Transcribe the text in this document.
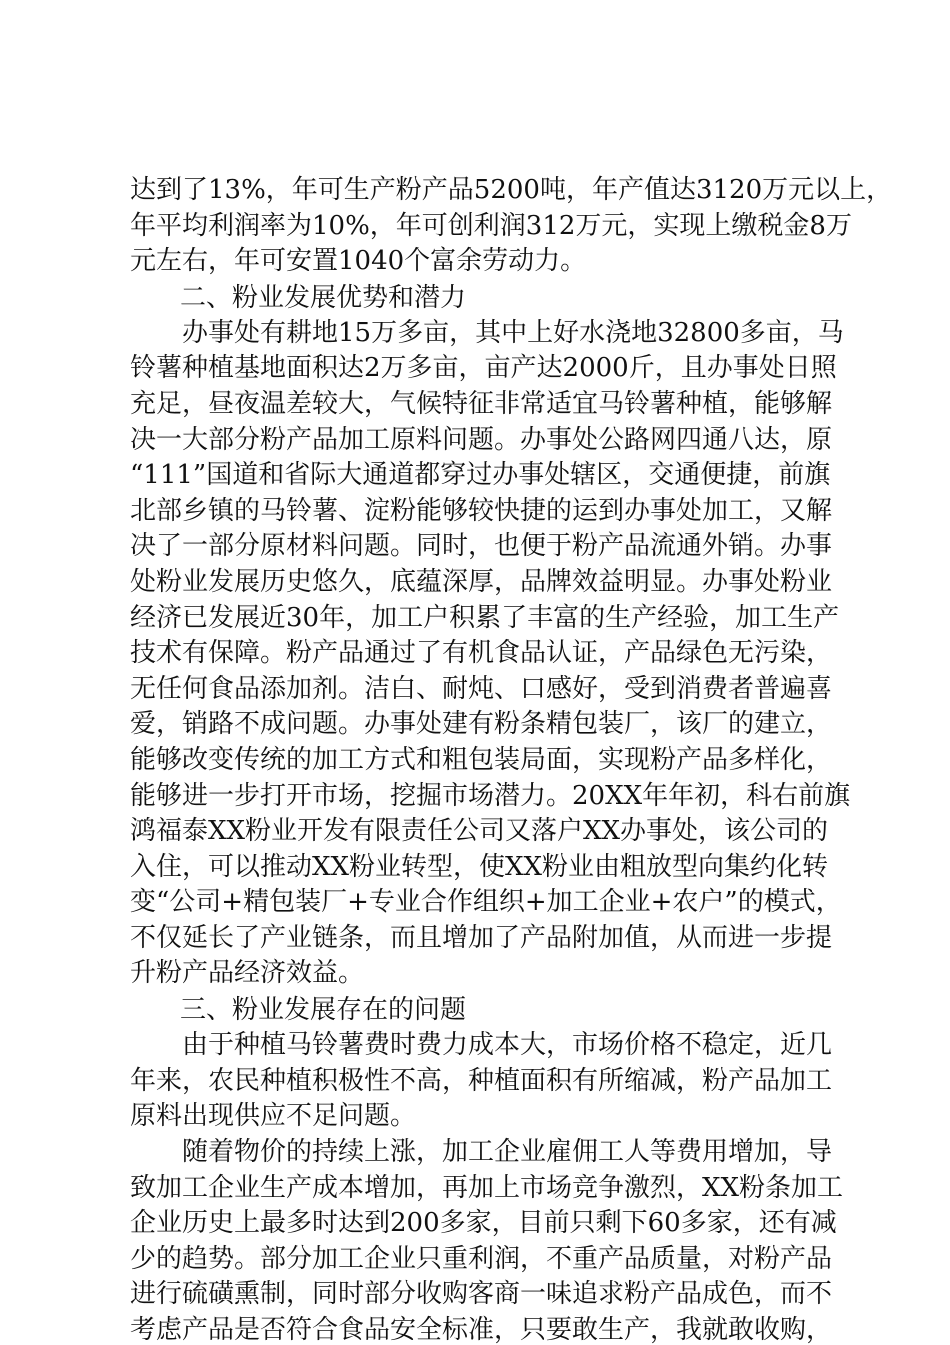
达到了13%，年可生产粉产品5200吨，年产值达3120万元以上，
年平均利润率为10%，年可创利润312万元，实现上缴税金8万
元左右，年可安置1040个富余劳动力。
二、粉业发展优势和潜力
办事处有耕地15万多亩，其中上好水浇地32800多亩，马
铃薯种植基地面积达2万多亩，亩产达2000斤，且办事处日照
充足，昼夜温差较大，气候特征非常适宜马铃薯种植，能够解
决一大部分粉产品加工原料问题。办事处公路网四通八达，原
“111”国道和省际大通道都穿过办事处辖区，交通便捷，前旗
北部乡镇的马铃薯、淀粉能够较快捷的运到办事处加工，又解
决了一部分原材料问题。同时，也便于粉产品流通外销。办事
处粉业发展历史悠久，底蕴深厚，品牌效益明显。办事处粉业
经济已发展近30年，加工户积累了丰富的生产经验，加工生产
技术有保障。粉产品通过了有机食品认证，产品绿色无污染，
无任何食品添加剂。洁白、耐炖、口感好，受到消费者普遍喜
爱，销路不成问题。办事处建有粉条精包装厂，该厂的建立，
能够改变传统的加工方式和粗包装局面，实现粉产品多样化，
能够进一步打开市场，挖掘市场潜力。20XX年年初，科右前旗
鸿福泰XX粉业开发有限责任公司又落户XX办事处，该公司的
入住，可以推动XX粉业转型，使XX粉业由粗放型向集约化转
变“公司+精包装厂+专业合作组织+加工企业+农户”的模式，
不仅延长了产业链条，而且增加了产品附加值，从而进一步提
升粉产品经济效益。
三、粉业发展存在的问题
由于种植马铃薯费时费力成本大，市场价格不稳定，近几
年来，农民种植积极性不高，种植面积有所缩减，粉产品加工
原料出现供应不足问题。
随着物价的持续上涨，加工企业雇佣工人等费用增加，导
致加工企业生产成本增加，再加上市场竞争激烈，XX粉条加工
企业历史上最多时达到200多家，目前只剩下60多家，还有减
少的趋势。部分加工企业只重利润，不重产品质量，对粉产品
进行硫磺熏制，同时部分收购客商一味追求粉产品成色，而不
考虑产品是否符合食品安全标准，只要敢生产，我就敢收购，
